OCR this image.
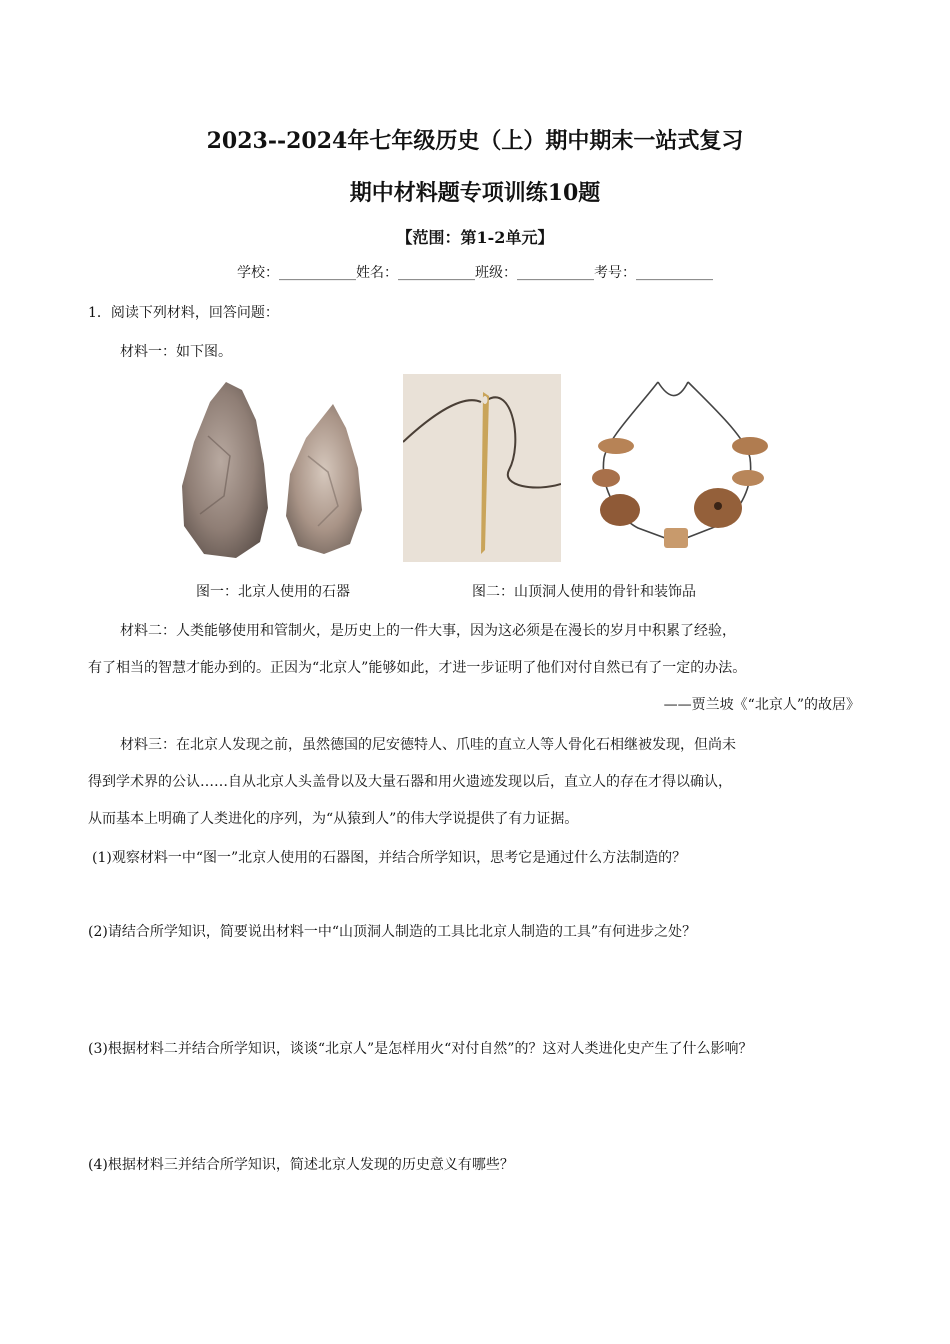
2023--2024年七年级历史（上）期中期末一站式复习
期中材料题专项训练10题
【范围：第1-2单元】
学校：___________姓名：___________班级：___________考号：___________
1．阅读下列材料，回答问题：
材料一：如下图。
图一：北京人使用的石器	图二：山顶洞人使用的骨针和装饰品
材料二：人类能够使用和管制火，是历史上的一件大事，因为这必须是在漫长的岁月中积累了经验，
有了相当的智慧才能办到的。正因为“北京人”能够如此，才进一步证明了他们对付自然已有了一定的办法。
——贾兰坡《“北京人”的故居》
材料三：在北京人发现之前，虽然德国的尼安德特人、爪哇的直立人等人骨化石相继被发现，但尚未
得到学术界的公认……自从北京人头盖骨以及大量石器和用火遗迹发现以后，直立人的存在才得以确认，
从而基本上明确了人类进化的序列，为“从猿到人”的伟大学说提供了有力证据。
(1)观察材料一中“图一”北京人使用的石器图，并结合所学知识，思考它是通过什么方法制造的？
(2)请结合所学知识，简要说出材料一中“山顶洞人制造的工具比北京人制造的工具”有何进步之处？
(3)根据材料二并结合所学知识，谈谈“北京人”是怎样用火“对付自然”的？这对人类进化史产生了什么影响？
(4)根据材料三并结合所学知识，简述北京人发现的历史意义有哪些？
